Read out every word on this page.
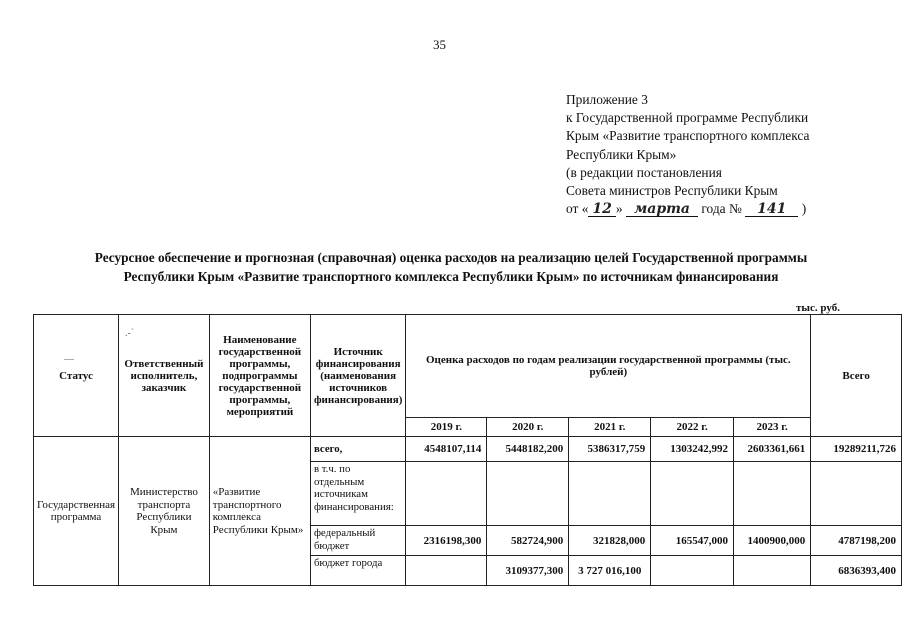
35
Приложение 3
к Государственной программе Республики
Крым «Развитие транспортного комплекса
Республики Крым»
(в редакции постановления
Совета министров Республики Крым
от « 12 » марта года № 141 )
Ресурсное обеспечение и прогнозная (справочная) оценка расходов на реализацию целей Государственной программы
Республики Крым «Развитие транспортного комплекса Республики Крым» по источникам финансирования
тыс. руб.
—
.-`
Статус	Ответственный исполнитель, заказчик	Наименование государственной программы, подпрограммы государственной программы, мероприятий	Источник финансирования (наименования источников финансирования)	Оценка расходов по годам реализации государственной программы (тыс. рублей)					Всего
				2019 г.	2020 г.	2021 г.	2022 г.	2023 г.	
Государственная программа	Министерство транспорта Республики Крым	«Развитие транспортного комплекса Республики Крым»	всего,	4548107,114	5448182,200	5386317,759	1303242,992	2603361,661	19289211,726
			в т.ч. по отдельным источникам финансирования:						
			федеральный бюджет	2316198,300	582724,900	321828,000	165547,000	1400900,000	4787198,200
			бюджет города		3109377,300	3 727 016,100			6836393,400
